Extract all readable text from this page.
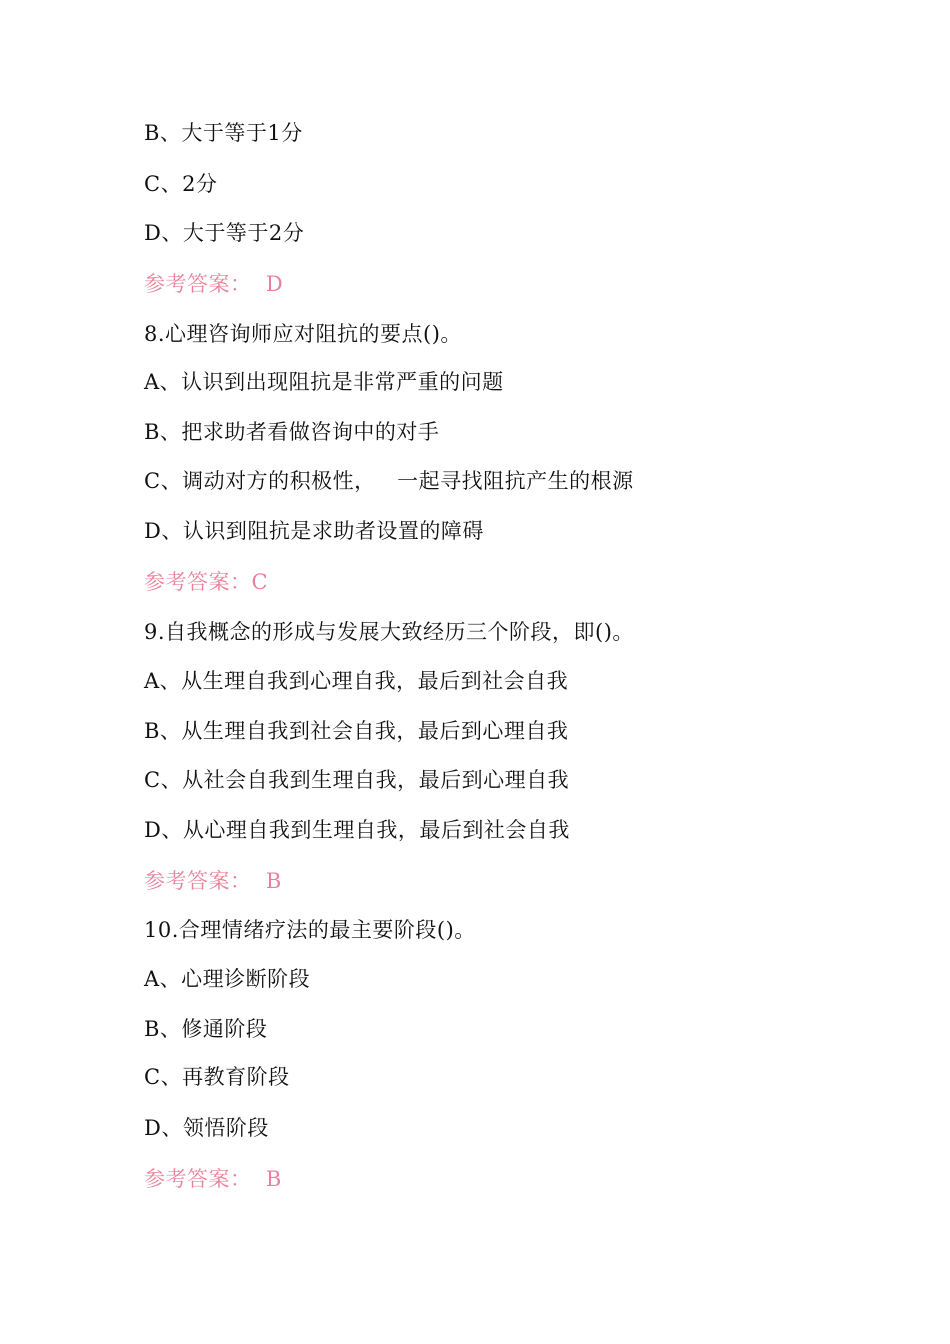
B、大于等于1分
C、2分
D、大于等于2分
参考答案：  D
8.心理咨询师应对阻抗的要点()。
A、认识到出现阻抗是非常严重的问题
B、把求助者看做咨询中的对手
C、调动对方的积极性，   一起寻找阻抗产生的根源
D、认识到阻抗是求助者设置的障碍
参考答案：C
9.自我概念的形成与发展大致经历三个阶段，即()。
A、从生理自我到心理自我，最后到社会自我
B、从生理自我到社会自我，最后到心理自我
C、从社会自我到生理自我，最后到心理自我
D、从心理自我到生理自我，最后到社会自我
参考答案：  B
10.合理情绪疗法的最主要阶段()。
A、心理诊断阶段
B、修通阶段
C、再教育阶段
D、领悟阶段
参考答案：  B
